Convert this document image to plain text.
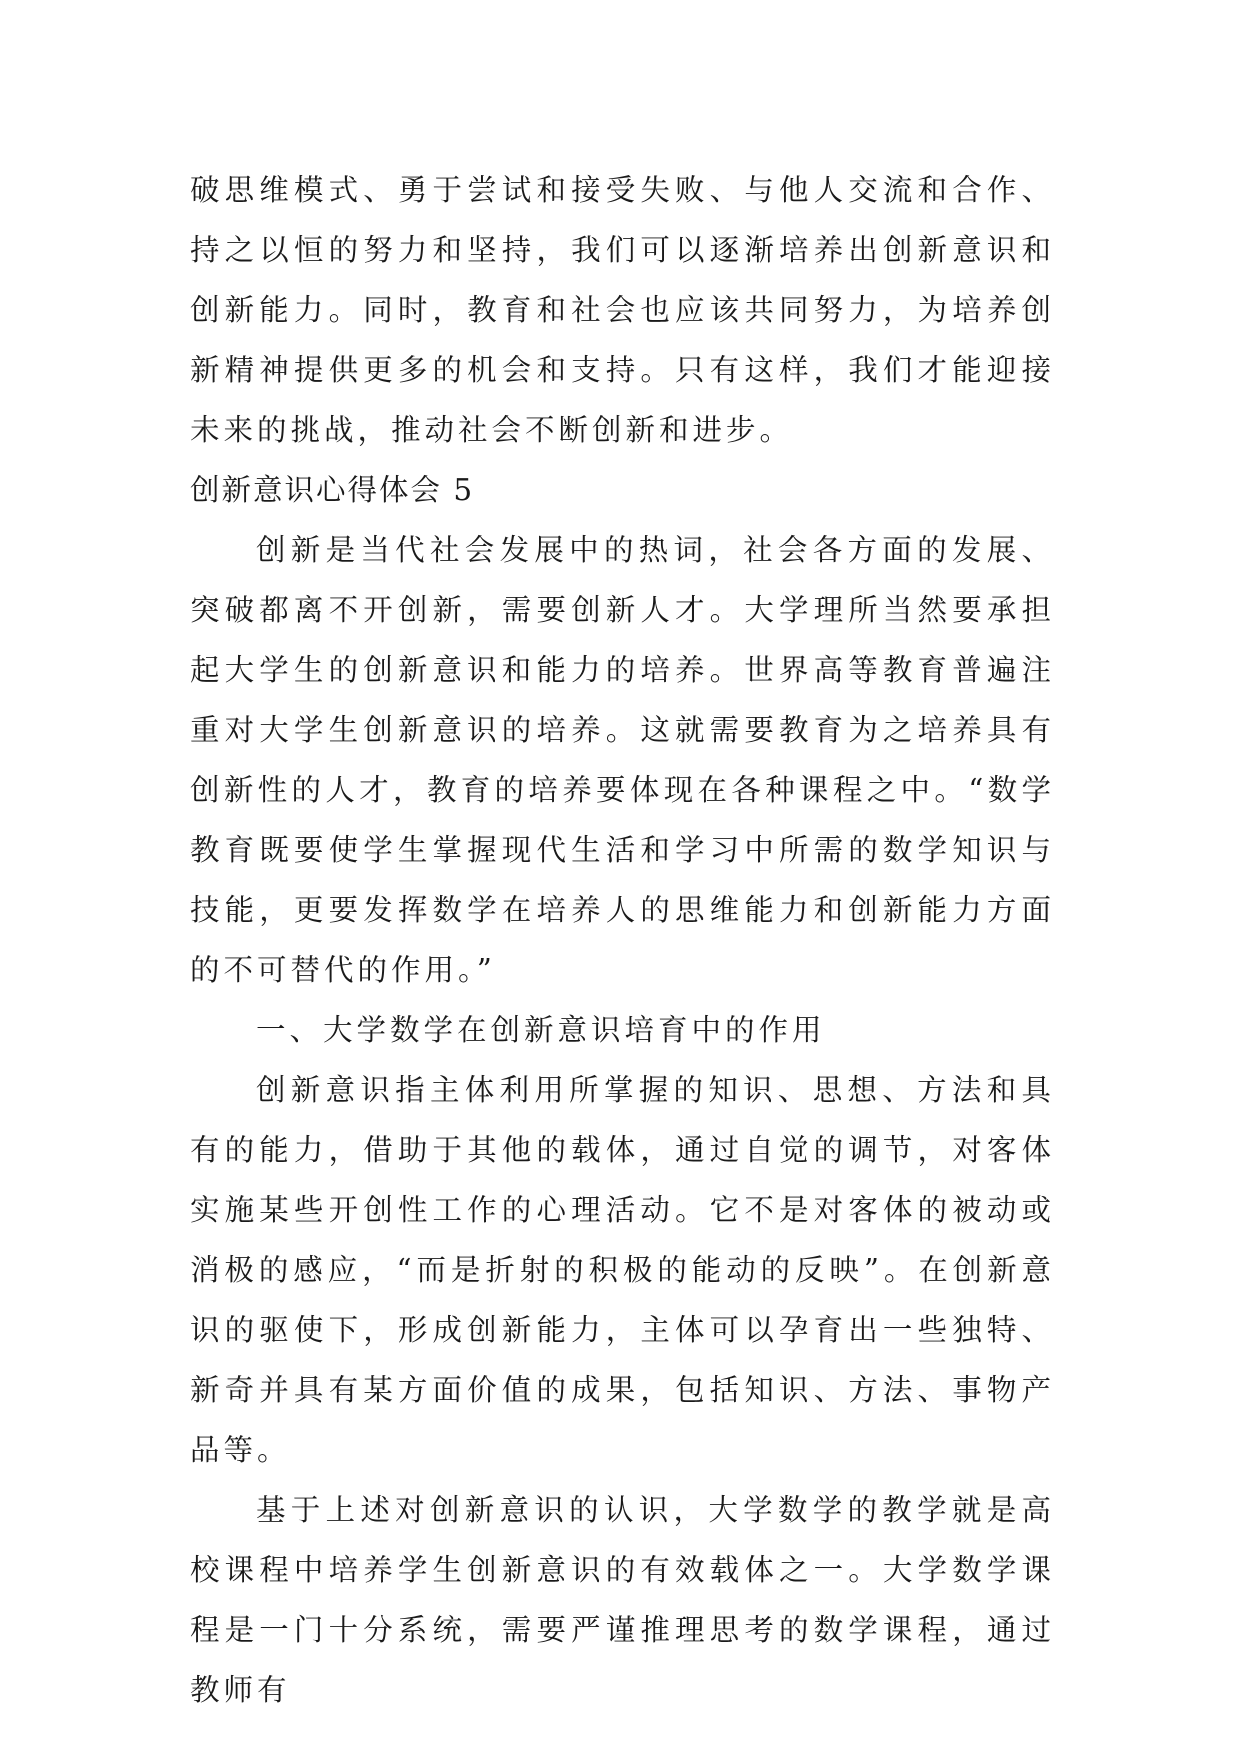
破思维模式、勇于尝试和接受失败、与他人交流和合作、持之以恒的努力和坚持，我们可以逐渐培养出创新意识和创新能力。同时，教育和社会也应该共同努力，为培养创新精神提供更多的机会和支持。只有这样，我们才能迎接未来的挑战，推动社会不断创新和进步。

创新意识心得体会 5

创新是当代社会发展中的热词，社会各方面的发展、突破都离不开创新，需要创新人才。大学理所当然要承担起大学生的创新意识和能力的培养。世界高等教育普遍注重对大学生创新意识的培养。这就需要教育为之培养具有创新性的人才，教育的培养要体现在各种课程之中。“数学教育既要使学生掌握现代生活和学习中所需的数学知识与技能，更要发挥数学在培养人的思维能力和创新能力方面的不可替代的作用。”

一、大学数学在创新意识培育中的作用

创新意识指主体利用所掌握的知识、思想、方法和具有的能力，借助于其他的载体，通过自觉的调节，对客体实施某些开创性工作的心理活动。它不是对客体的被动或消极的感应，“而是折射的积极的能动的反映”。在创新意识的驱使下，形成创新能力，主体可以孕育出一些独特、新奇并具有某方面价值的成果，包括知识、方法、事物产品等。

基于上述对创新意识的认识，大学数学的教学就是高校课程中培养学生创新意识的有效载体之一。大学数学课程是一门十分系统，需要严谨推理思考的数学课程，通过教师有
